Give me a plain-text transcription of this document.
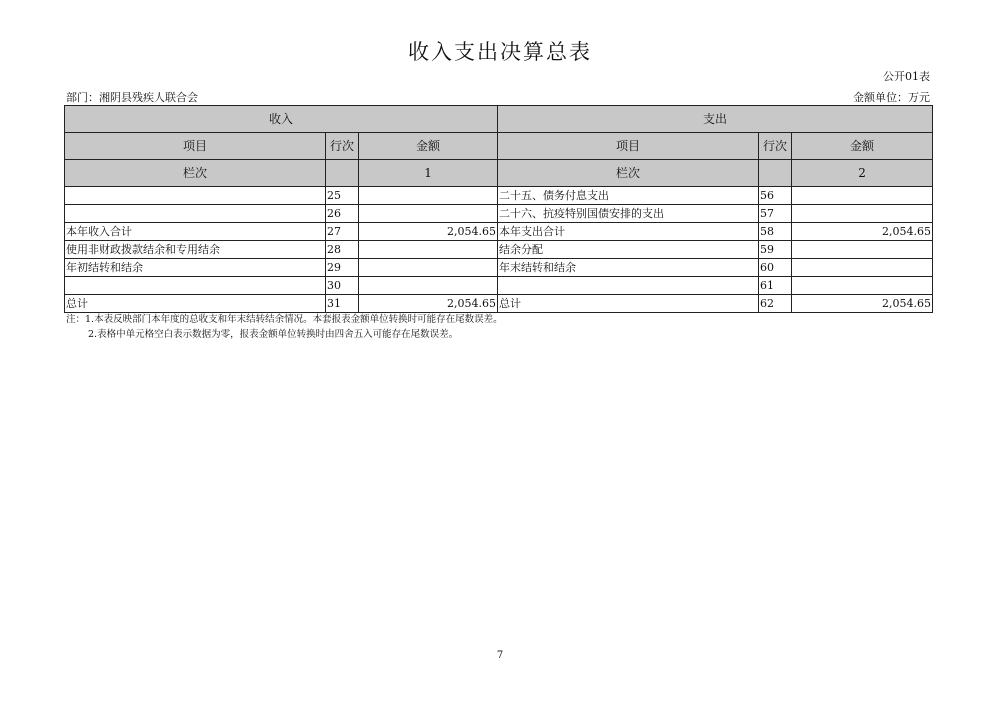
收入支出决算总表
公开01表
部门：湘阴县残疾人联合会	金额单位：万元
收入			支出		
项目	行次	金额	项目	行次	金额
栏次		1	栏次		2
	25		二十五、债务付息支出	56	
	26		二十六、抗疫特别国债安排的支出	57	
本年收入合计	27	2,054.65	本年支出合计	58	2,054.65
使用非财政拨款结余和专用结余	28		结余分配	59	
年初结转和结余	29		年末结转和结余	60	
	30			61	
总计	31	2,054.65	总计	62	2,054.65
注：1.本表反映部门本年度的总收支和年末结转结余情况。本套报表金额单位转换时可能存在尾数误差。
2.表格中单元格空白表示数据为零，报表金额单位转换时由四舍五入可能存在尾数误差。
7
